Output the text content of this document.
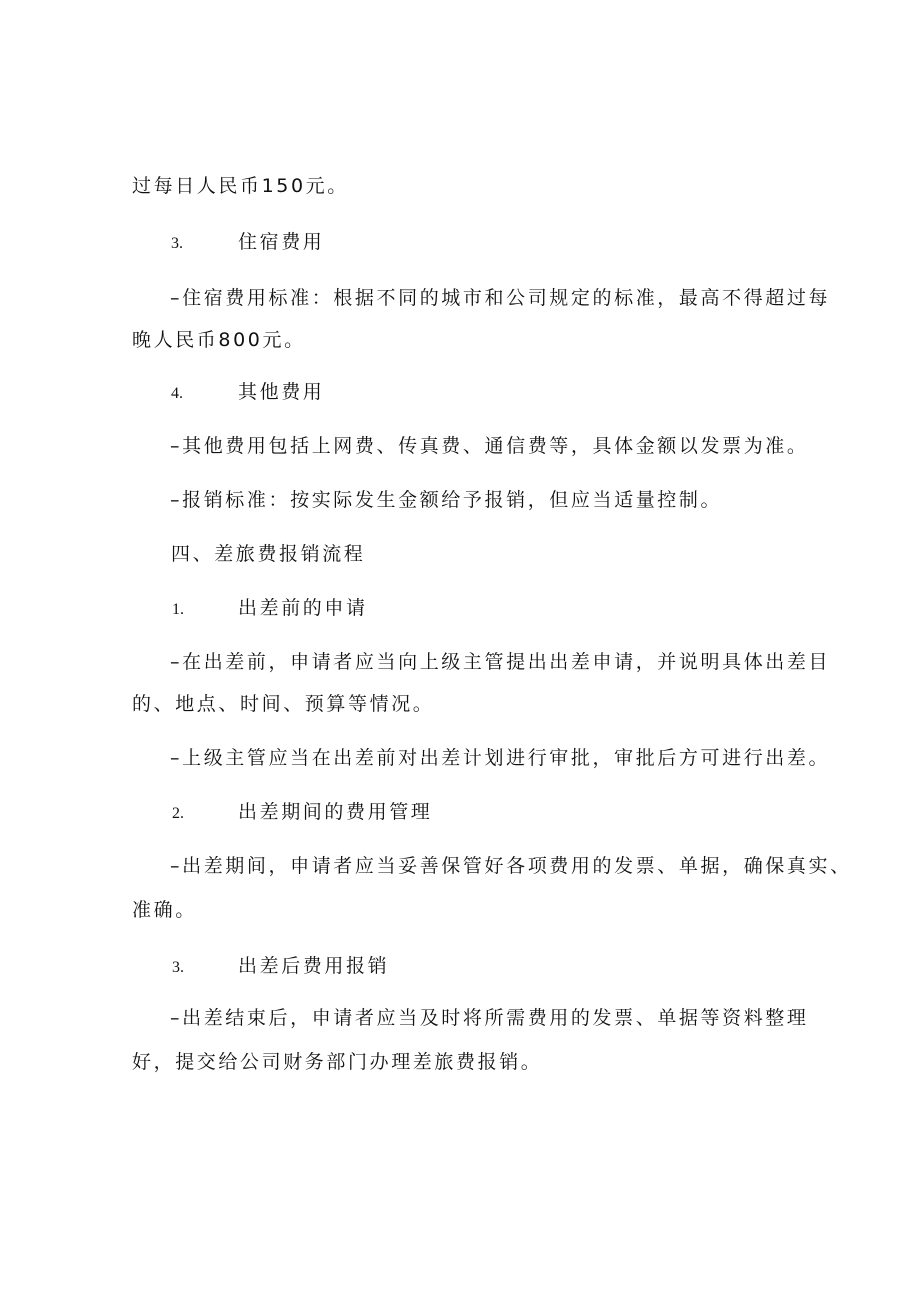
过每日人民币150元。
3.	住宿费用
–住宿费用标准：根据不同的城市和公司规定的标准，最高不得超过每
晚人民币800元。
4.	其他费用
–其他费用包括上网费、传真费、通信费等，具体金额以发票为准。
–报销标准：按实际发生金额给予报销，但应当适量控制。
四、差旅费报销流程
1.	出差前的申请
–在出差前，申请者应当向上级主管提出出差申请，并说明具体出差目
的、地点、时间、预算等情况。
–上级主管应当在出差前对出差计划进行审批，审批后方可进行出差。
2.	出差期间的费用管理
–出差期间，申请者应当妥善保管好各项费用的发票、单据，确保真实、
准确。
3.	出差后费用报销
–出差结束后，申请者应当及时将所需费用的发票、单据等资料整理
好，提交给公司财务部门办理差旅费报销。
